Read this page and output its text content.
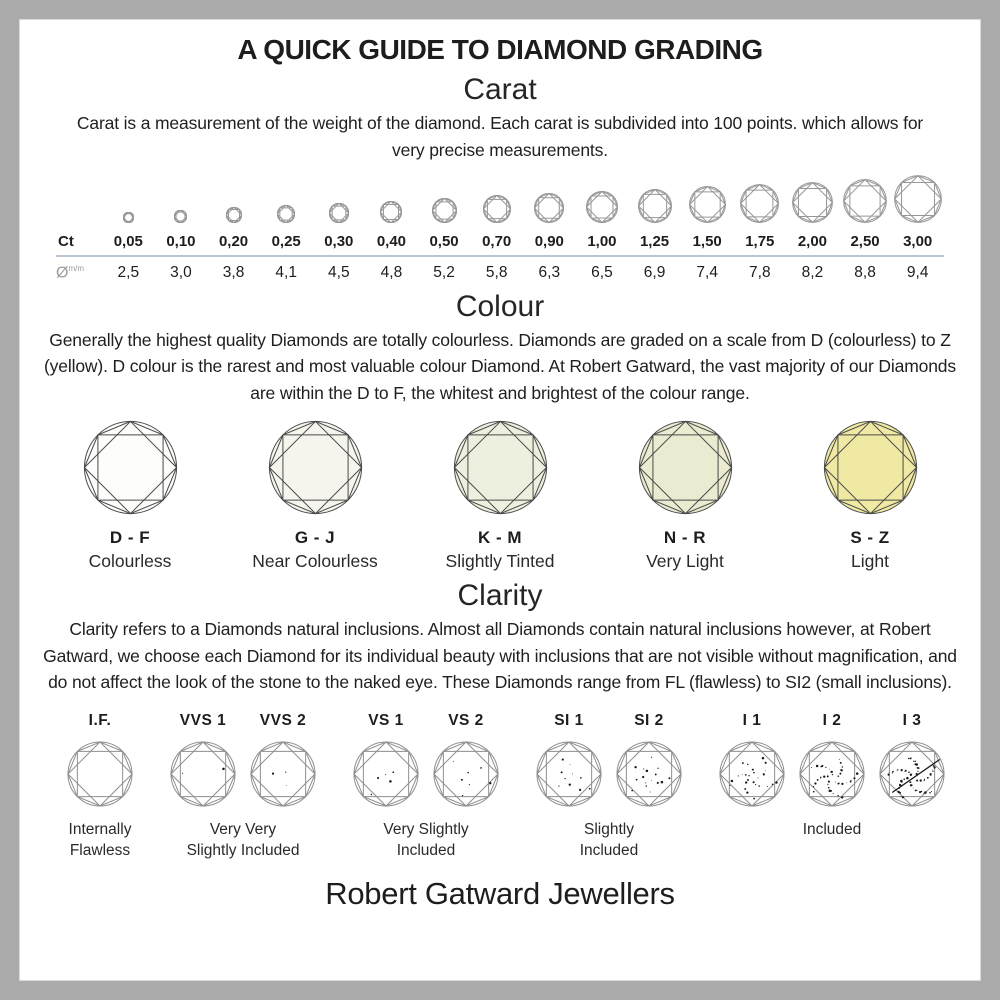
A QUICK GUIDE TO DIAMOND GRADING
Carat
Carat is a measurement of the weight of the diamond. Each carat is subdivided into 100 points. which allows for very precise measurements.
Ct	0,05	0,10	0,20	0,25	0,30	0,40	0,50	0,70	0,90	1,00	1,25	1,50	1,75	2,00	2,50	3,00
$Ø^{m/m}$	2,5	3,0	3,8	4,1	4,5	4,8	5,2	5,8	6,3	6,5	6,9	7,4	7,8	8,2	8,8	9,4
Colour
Generally the highest quality Diamonds are totally colourless. Diamonds are graded on a scale from D (colourless) to Z (yellow). D colour is the rarest and most valuable colour Diamond. At Robert Gatward, the vast majority of our Diamonds are within the D to F, the whitest and brightest of the colour range.
D - F
Colourless
G - J
Near Colourless
K - M
Slightly Tinted
N - R
Very Light
S - Z
Light
Clarity
Clarity refers to a Diamonds natural inclusions. Almost all Diamonds contain natural inclusions however, at Robert Gatward, we choose each Diamond for its individual beauty with inclusions that are not visible without magnification, and do not affect the look of the stone to the naked eye. These Diamonds range from FL (flawless) to SI2 (small inclusions).
I.F.
Internally
Flawless
VVS 1 VVS 2
Very Very
Slightly Included
VS 1	VS 2
Very Slightly
Included
SI 1	SI 2
Slightly
Included
I 1	I 2	I 3
Included
Robert Gatward Jewellers
